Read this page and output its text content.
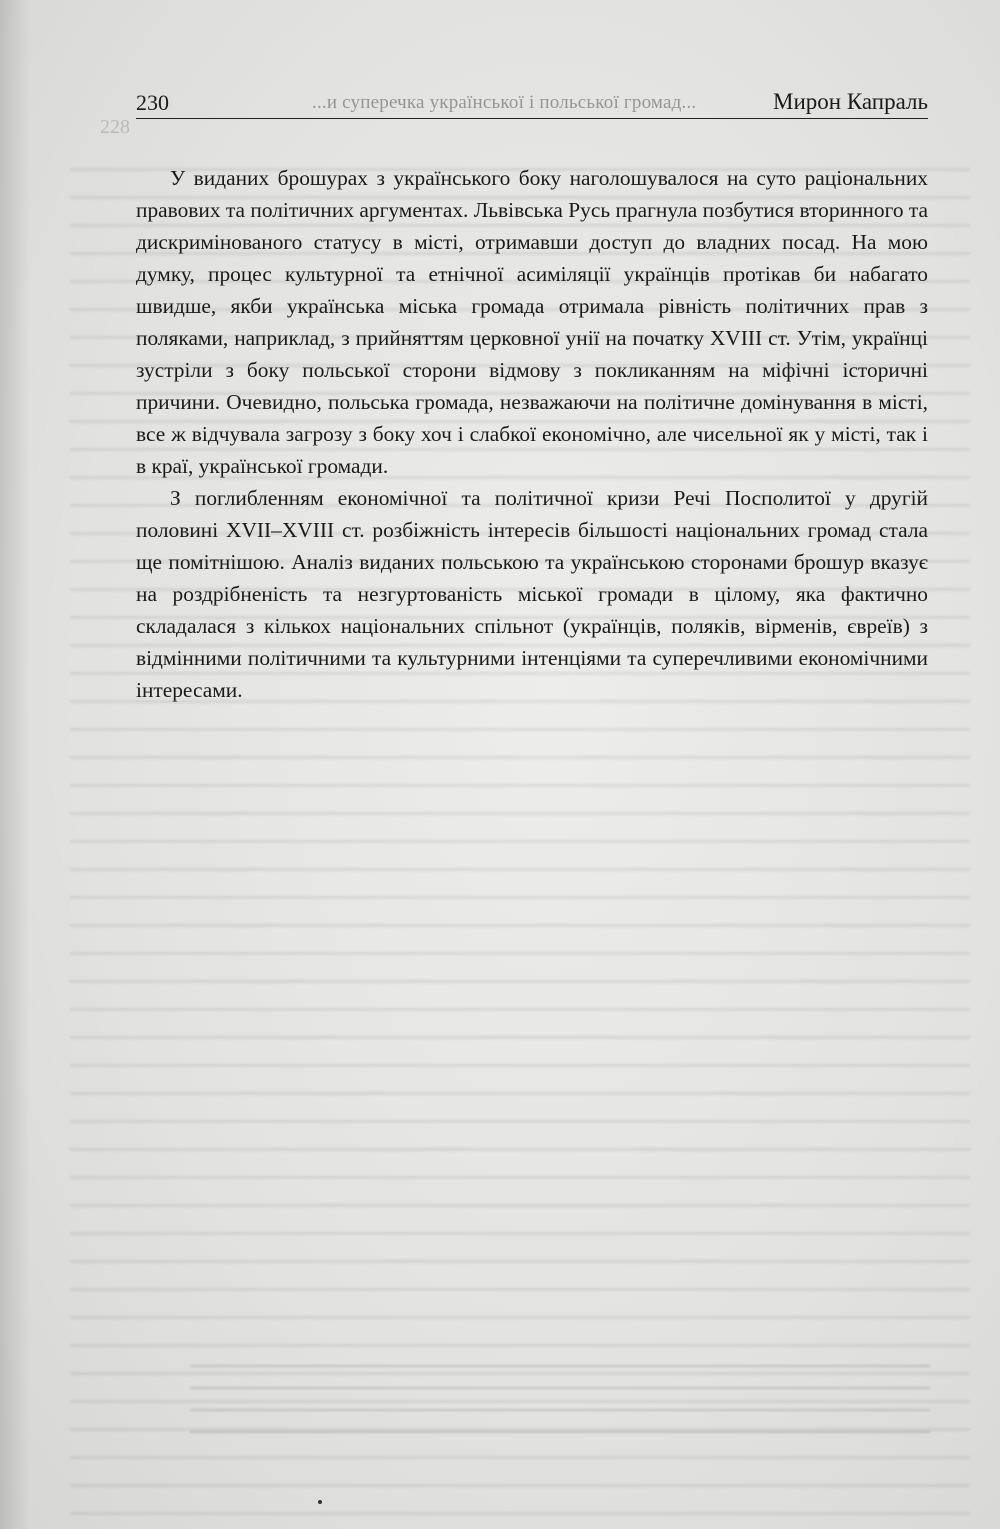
230	...и суперечка української і польської громад...	Мирон Капраль
228

У виданих брошурах з українського боку наголошувалося на суто раціональних правових та політичних аргументах. Львівська Русь прагнула позбутися вторинного та дискримінованого статусу в місті, отримавши доступ до владних посад. На мою думку, процес культурної та етнічної асиміляції українців протікав би набагато швидше, якби українська міська громада отримала рівність політичних прав з поляками, наприклад, з прийняттям церковної унії на початку XVIII ст. Утім, українці зустріли з боку польської сторони відмову з покликанням на міфічні історичні причини. Очевидно, польська громада, незважаючи на політичне домінування в місті, все ж відчувала загрозу з боку хоч і слабкої економічно, але чисельної як у місті, так і в краї, української громади.

З поглибленням економічної та політичної кризи Речі Посполитої у другій половині XVII–XVIII ст. розбіжність інтересів більшості національних громад стала ще помітнішою. Аналіз виданих польською та українською сторонами брошур вказує на роздрібненість та незгуртованість міської громади в цілому, яка фактично складалася з кількох національних спільнот (українців, поляків, вірменів, євреїв) з відмінними політичними та культурними інтенціями та суперечливими економічними інтересами.
